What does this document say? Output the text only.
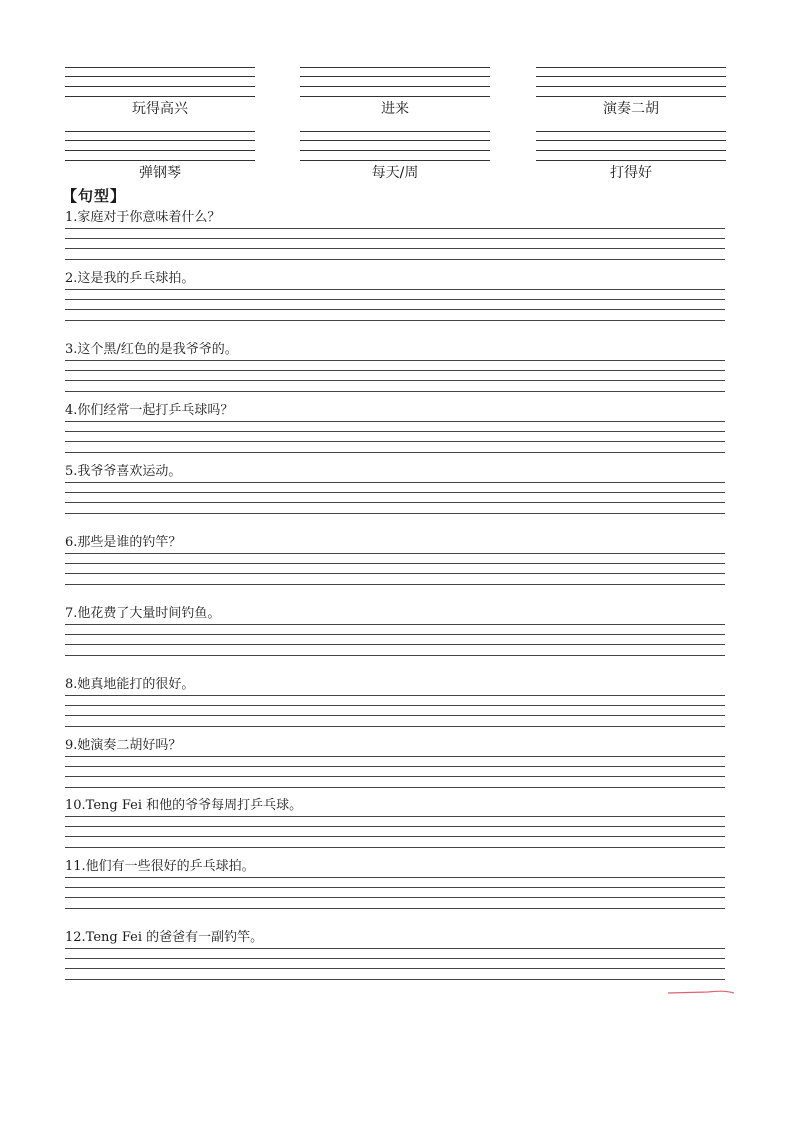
玩得高兴	进来	演奏二胡
弹钢琴	每天/周	打得好
【句型】
1.家庭对于你意味着什么？
2.这是我的乒乓球拍。
3.这个黑/红色的是我爷爷的。
4.你们经常一起打乒乓球吗？
5.我爷爷喜欢运动。
6.那些是谁的钓竿？
7.他花费了大量时间钓鱼。
8.她真地能打的很好。
9.她演奏二胡好吗？
10.Teng Fei 和他的爷爷每周打乒乓球。
11.他们有一些很好的乒乓球拍。
12.Teng Fei 的爸爸有一副钓竿。
